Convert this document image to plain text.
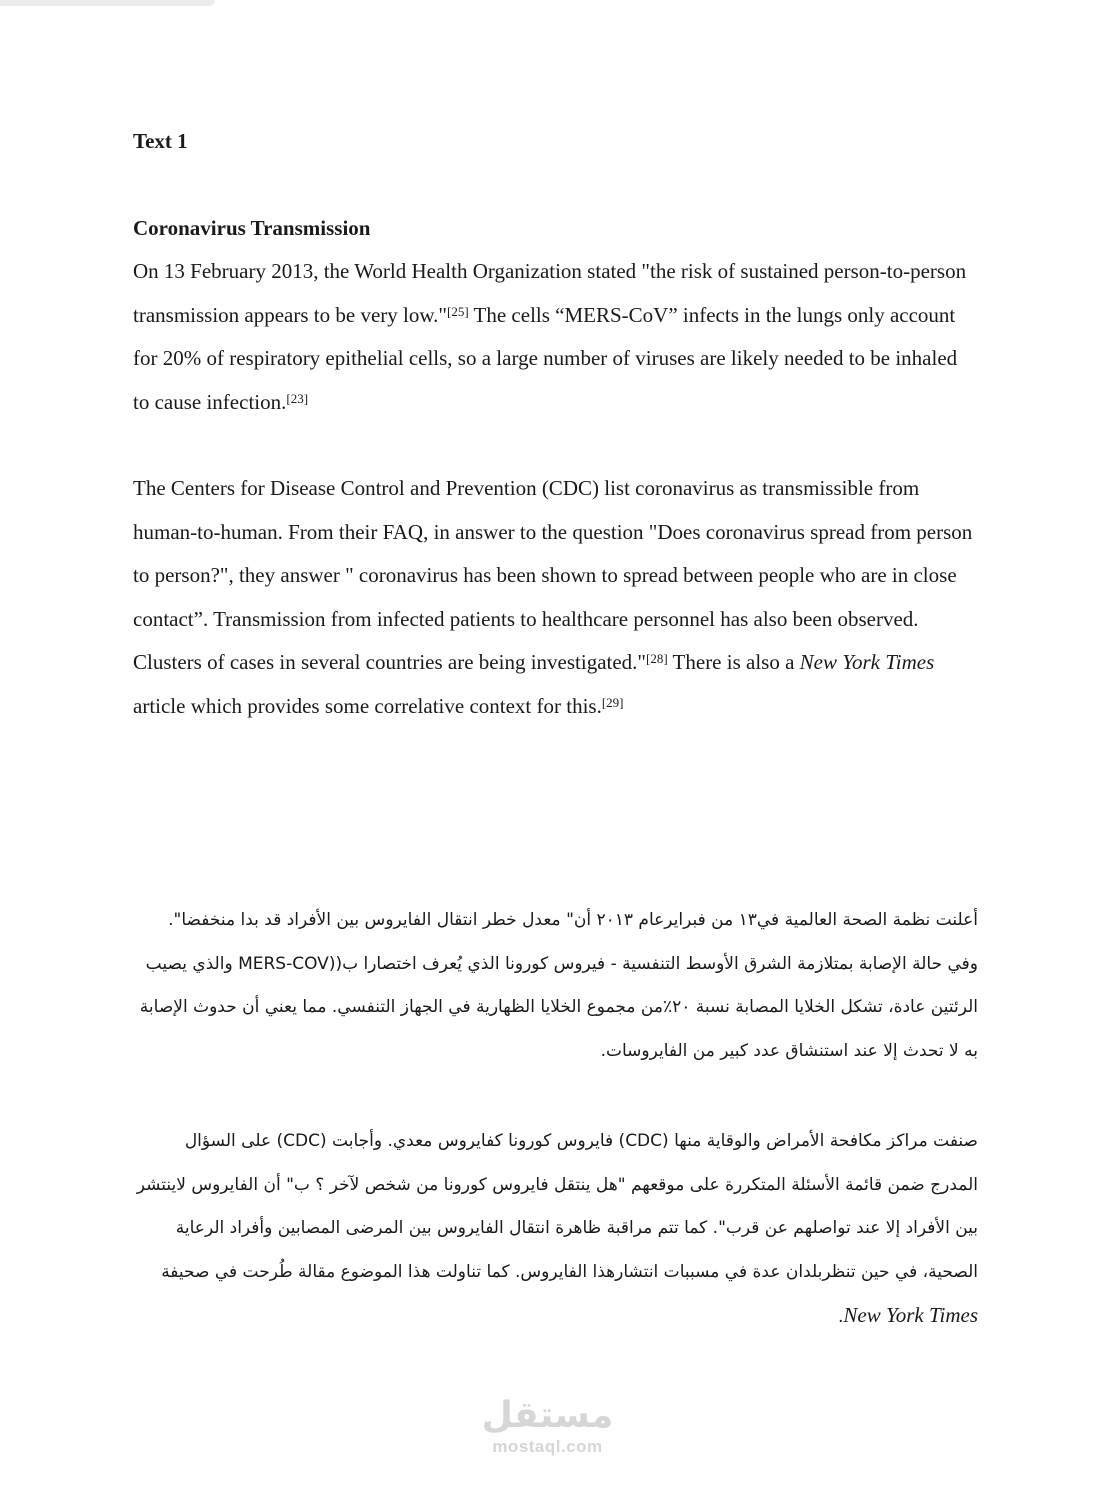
Text 1

Coronavirus Transmission

On 13 February 2013, the World Health Organization stated "the risk of sustained person-to-person transmission appears to be very low."[25] The cells “MERS-CoV” infects in the lungs only account for 20% of respiratory epithelial cells, so a large number of viruses are likely needed to be inhaled to cause infection.[23]

The Centers for Disease Control and Prevention (CDC) list coronavirus as transmissible from human-to-human. From their FAQ, in answer to the question "Does coronavirus spread from person to person?", they answer " coronavirus has been shown to spread between people who are in close contact”. Transmission from infected patients to healthcare personnel has also been observed. Clusters of cases in several countries are being investigated."[28] There is also a New York Times article which provides some correlative context for this.[29]

أعلنت نظمة الصحة العالمية في١٣ من فبرايرعام ٢٠١٣ أن" معدل خطر انتقال الفايروس بين الأفراد قد بدا منخفضا". وفي حالة الإصابة بمتلازمة الشرق الأوسط التنفسية - فيروس كورونا الذي يُعرف اختصارا ب((MERS-COV والذي يصيب الرئتين عادة، تشكل الخلايا المصابة نسبة ٢٠٪من مجموع الخلايا الظهارية في الجهاز التنفسي. مما يعني أن حدوث الإصابة به لا تحدث إلا عند استنشاق عدد كبير من الفايروسات.

صنفت مراكز مكافحة الأمراض والوقاية منها (CDC) فايروس كورونا كفايروس معدي. وأجابت (CDC) على السؤال المدرج ضمن قائمة الأسئلة المتكررة على موقعهم "هل ينتقل فايروس كورونا من شخص لآخر ؟ ب" أن الفايروس لاينتشر بين الأفراد إلا عند تواصلهم عن قرب". كما تتم مراقبة ظاهرة انتقال الفايروس بين المرضى المصابين وأفراد الرعاية الصحية، في حين تنظربلدان عدة في مسببات انتشارهذا الفايروس. كما تناولت هذا الموضوع مقالة طُرحت في صحيفة New York Times.

مستقل
mostaql.com
